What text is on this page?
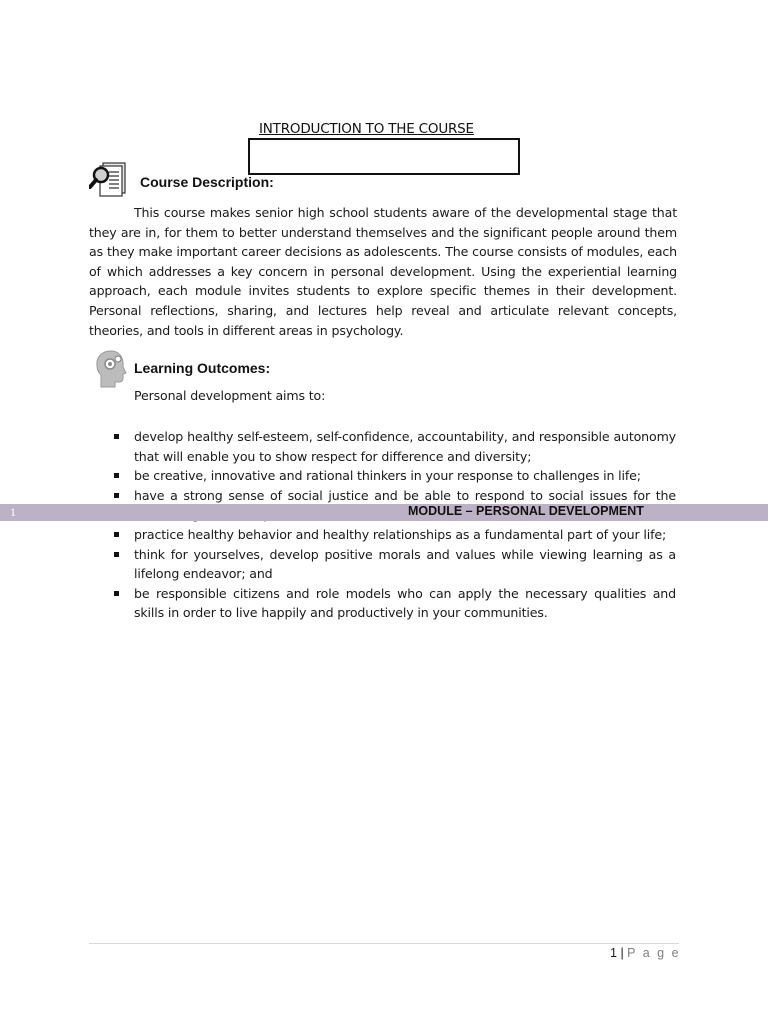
INTRODUCTION TO THE COURSE
Course Description:
This course makes senior high school students aware of the developmental stage that they are in, for them to better understand themselves and the significant people around them as they make important career decisions as adolescents. The course consists of modules, each of which addresses a key concern in personal development. Using the experiential learning approach, each module invites students to explore specific themes in their development. Personal reflections, sharing, and lectures help reveal and articulate relevant concepts, theories, and tools in different areas in psychology.
Learning Outcomes:
Personal development aims to:
develop healthy self-esteem, self-confidence, accountability, and responsible autonomy that will enable you to show respect for difference and diversity;
be creative, innovative and rational thinkers in your response to challenges in life;
have a strong sense of social justice and be able to respond to social issues for the
practice healthy behavior and healthy relationships as a fundamental part of your life;
think for yourselves, develop positive morals and values while viewing learning as a lifelong endeavor; and
be responsible citizens and role models who can apply the necessary qualities and skills in order to live happily and productively in your communities.
1	MODULE – PERSONAL DEVELOPMENT
1 | P a g e
